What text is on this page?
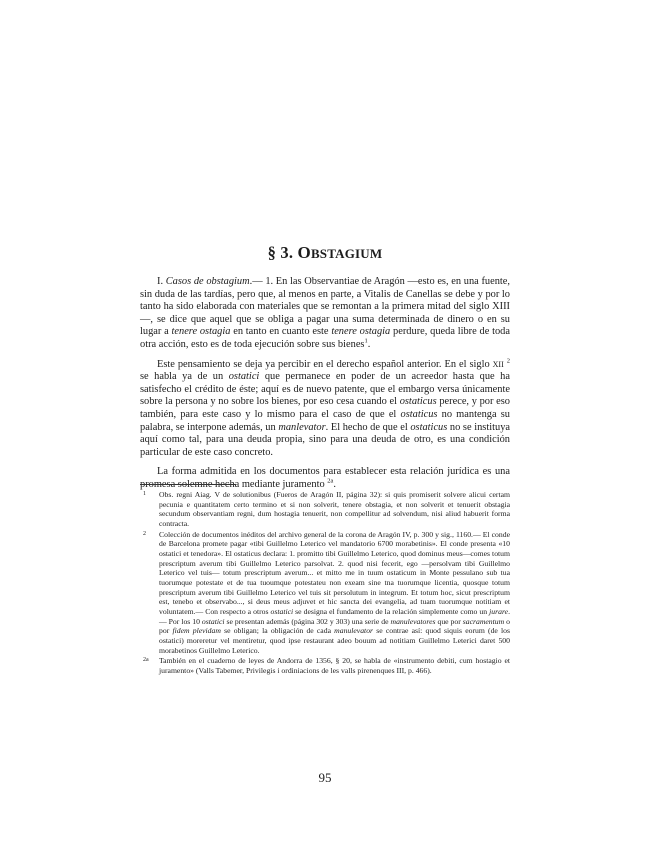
§ 3. OBSTAGIUM

I. Casos de obstagium.— 1. En las Observantiae de Aragón —esto es, en una fuente, sin duda de las tardías, pero que, al menos en parte, a Vitalis de Canellas se debe y por lo tanto ha sido elaborada con materiales que se remontan a la primera mitad del siglo XIII—, se dice que aquel que se obliga a pagar una suma determinada de dinero o en su lugar a tenere ostagia en tanto en cuanto este tenere ostagia perdure, queda libre de toda otra acción, esto es de toda ejecución sobre sus bienes$^1$.

Este pensamiento se deja ya percibir en el derecho español anterior. En el siglo XII $^2$ se habla ya de un ostatici que permanece en poder de un acreedor hasta que ha satisfecho el crédito de éste; aquí es de nuevo patente, que el embargo versa únicamente sobre la persona y no sobre los bienes, por eso cesa cuando el ostaticus perece, y por eso también, para este caso y lo mismo para el caso de que el ostaticus no mantenga su palabra, se interpone además, un manlevator. El hecho de que el ostaticus no se instituya aquí como tal, para una deuda propia, sino para una deuda de otro, es una condición particular de este caso concreto.

La forma admitida en los documentos para establecer esta relación jurídica es una promesa solemne hecha mediante juramento $^{2a}$.

1 Obs. regni Aiag. V de solutionibus (Fueros de Aragón II, página 32): si quis promiserit solvere alicui certam pecunia e quantitatem certo termino et si non solverit, tenere obstagia, et non solverit et tenuerit obstagia secundum observantiam regni, dum hostagia tenuerit, non compellitur ad solvendum, nisi aliud habuerit forma contracta.
2 Colección de documentos inéditos del archivo general de la corona de Aragón IV, p. 300 y sig., 1160.— El conde de Barcelona promete pagar «tibi Guillelmo Leterico vel mandatorio 6700 morabetinis». El conde presenta «10 ostatici et tenedora». El ostaticus declara: 1. promitto tibi Guillelmo Leterico, quod dominus meus—comes totum prescriptum averum tibi Guillelmo Leterico parsolvat. 2. quod nisi fecerit, ego —persolvam tibi Guillelmo Leterico vel tuis— totum prescriptum averum... et mitto me in tuum ostaticum in Monte pessulano sub tua tuorumque potestate et de tua tuoumque potestateu non exeam sine tna tuorumque licentia, quosque totum prescriptum averum tibi Guillelmo Leterico vel tuis sit persolutum in integrum. Et totum hoc, sicut prescriptum est, tenebo et observabo..., si deus meus adjuvet et hic sancta dei evangelia, ad tuam tuorumque notitiam et voluntatem.— Con respecto a otros ostatici se designa el fundamento de la relación simplemente como un jurare.— Por los 10 ostatici se presentan además (página 302 y 303) una serie de manulevatores que por sacramentum o por fidem plevidam se obligan; la obligación de cada manulevator se contrae así: quod siquis eorum (de los ostatici) moreretur vel mentiretur, quod ipse restaurant adeo bouum ad notitiam Guillelmo Leterici daret 500 morabetinos Guillelmo Leterico.
2a También en el cuaderno de leyes de Andorra de 1356, § 20, se habla de «instrumento debiti, cum hostagio et juramento» (Valls Tabemer, Privilegis i ordiniacions de les valls pirenenques III, p. 466).
95
